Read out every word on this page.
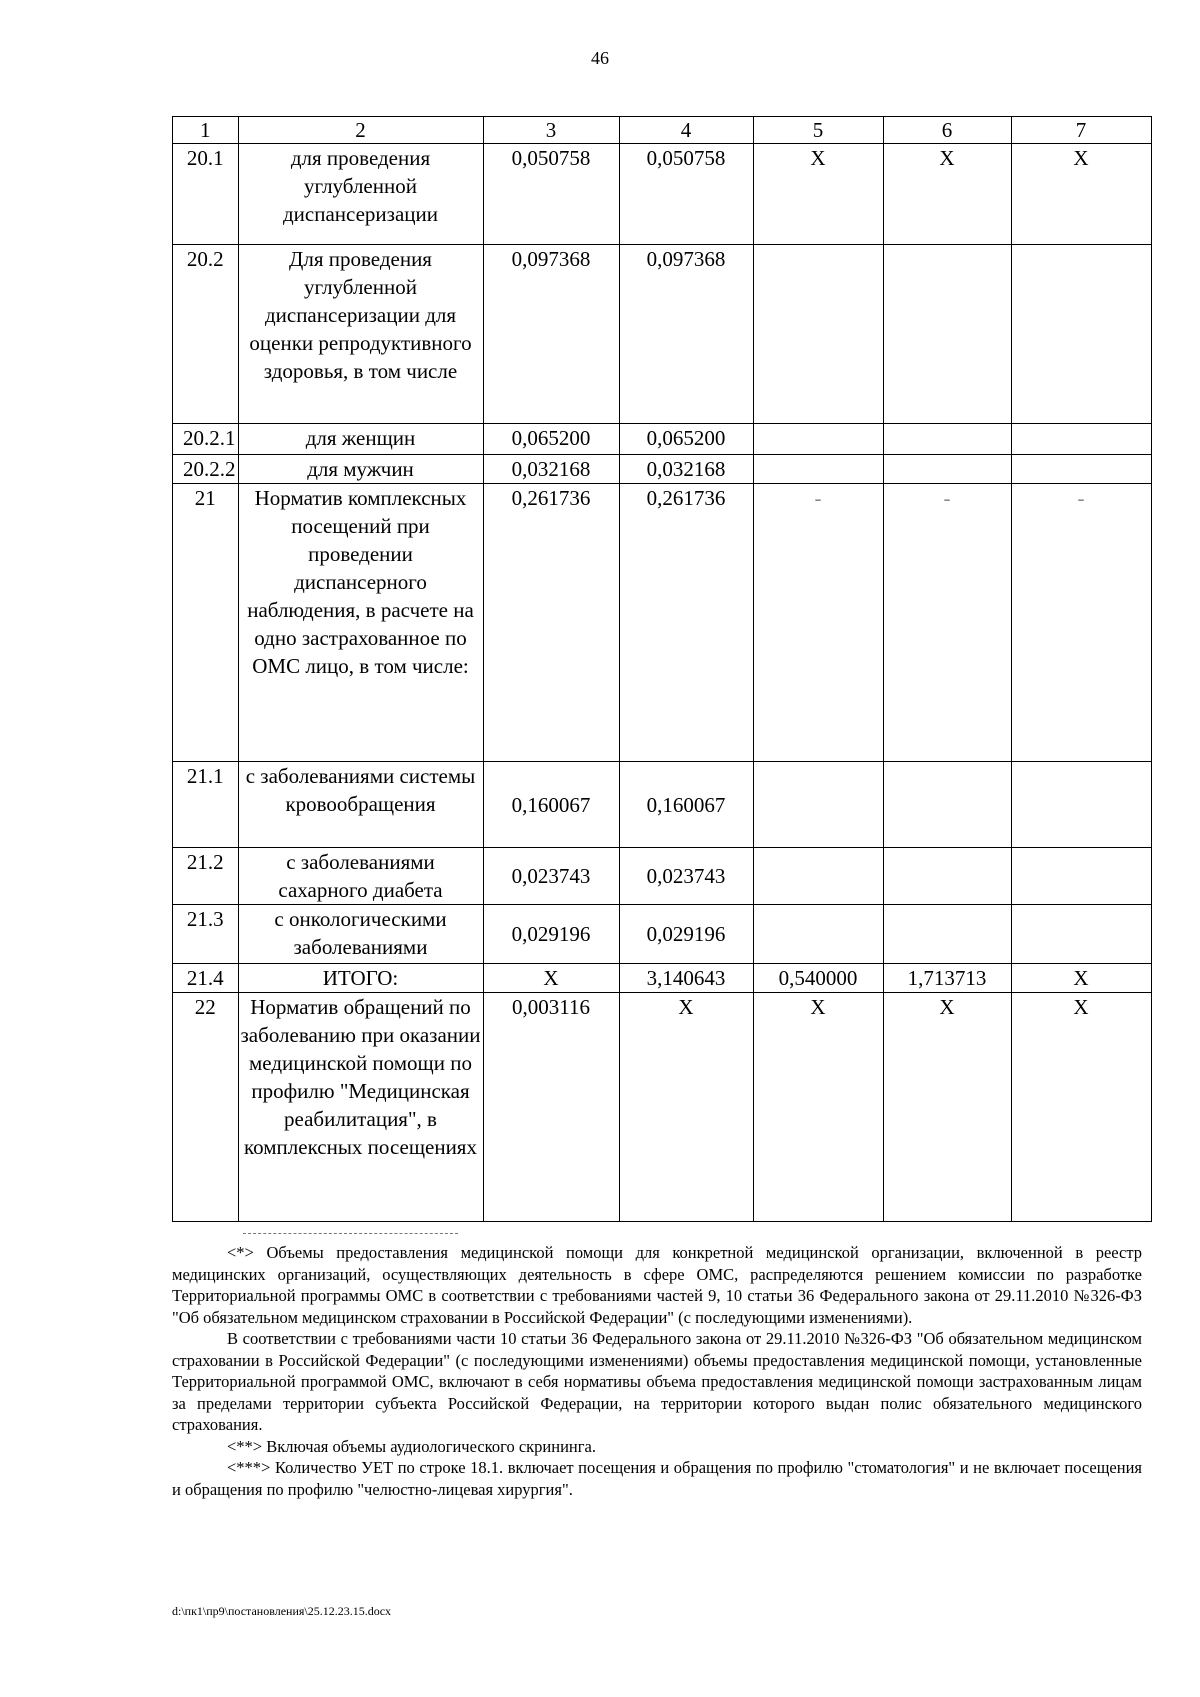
46
1	2	3	4	5	6	7
20.1	для проведения углубленной диспансеризации	0,050758	0,050758	Х	Х	Х
20.2	Для проведения углубленной диспансеризации для оценки репродуктивного здоровья, в том числе	0,097368	0,097368			
20.2.1	для женщин	0,065200	0,065200			
20.2.2	для мужчин	0,032168	0,032168			
21	Норматив комплексных посещений при проведении диспансерного наблюдения, в расчете на одно застрахованное по ОМС лицо, в том числе:	0,261736	0,261736	-	-	-
21.1	с заболеваниями системы кровообращения	0,160067	0,160067			
21.2	с заболеваниями сахарного диабета	0,023743	0,023743			
21.3	с онкологическими заболеваниями	0,029196	0,029196			
21.4	ИТОГО:	Х	3,140643	0,540000	1,713713	Х
22	Норматив обращений по заболеванию при оказании медицинской помощи по профилю "Медицинская реабилитация", в комплексных посещениях	0,003116	Х	Х	Х	Х

<*> Объемы предоставления медицинской помощи для конкретной медицинской организации, включенной в реестр медицинских организаций, осуществляющих деятельность в сфере ОМС, распределяются решением комиссии по разработке Территориальной программы ОМС в соответствии с требованиями частей 9, 10 статьи 36 Федерального закона от 29.11.2010 №326-ФЗ "Об обязательном медицинском страховании в Российской Федерации" (с последующими изменениями).

В соответствии с требованиями части 10 статьи 36 Федерального закона от 29.11.2010 №326-ФЗ "Об обязательном медицинском страховании в Российской Федерации" (с последующими изменениями) объемы предоставления медицинской помощи, установленные Территориальной программой ОМС, включают в себя нормативы объема предоставления медицинской помощи застрахованным лицам за пределами территории субъекта Российской Федерации, на территории которого выдан полис обязательного медицинского страхования.

<**> Включая объемы аудиологического скрининга.

<***> Количество УЕТ по строке 18.1. включает посещения и обращения по профилю "стоматология" и не включает посещения и обращения по профилю "челюстно-лицевая хирургия".

d:\пк1\пр9\постановления\25.12.23.15.docx
